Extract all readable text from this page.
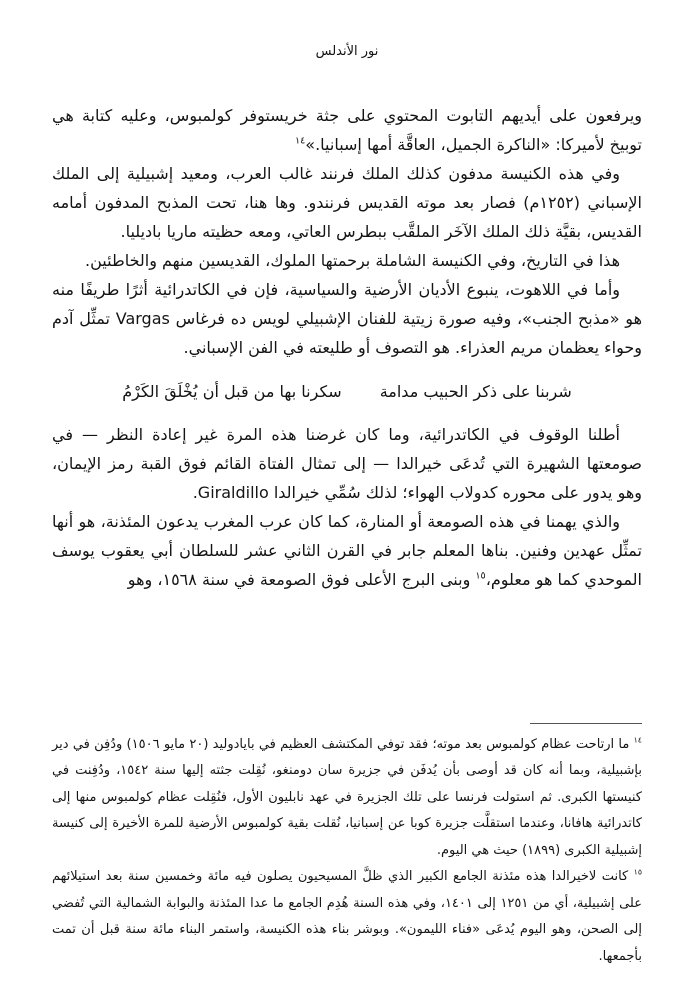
نور الأندلس

ويرفعون على أيديهم التابوت المحتوي على جثة خريستوفر كولمبوس، وعليه كتابة هي توبيخ لأميركا: «الناكرة الجميل، العاقَّة أمها إسبانيا.»$^{١٤}$

وفي هذه الكنيسة مدفون كذلك الملك فرنند غالب العرب، ومعيد إشبيلية إلى الملك الإسباني (١٢٥٢م) فصار بعد موته القديس فرنندو. وها هنا، تحت المذبح المدفون أمامه القديس، بقيَّة ذلك الملك الآخَر الملقَّب ببطرس العاتي، ومعه حظيته ماريا باديليا.

هذا في التاريخ، وفي الكنيسة الشاملة برحمتها الملوك، القديسين منهم والخاطئين.

وأما في اللاهوت، ينبوع الأديان الأرضية والسياسية، فإن في الكاتدرائية أثرًا طريفًا منه هو «مذبح الجنب»، وفيه صورة زيتية للفنان الإشبيلي لويس ده فرغاس Vargas تمثِّل آدم وحواء يعظمان مريم العذراء. هو التصوف أو طليعته في الفن الإسباني.

شربنا على ذكر الحبيب مدامة
سكرنا بها من قبل أن يُخْلَقَ الكَرْمُ

أطلنا الوقوف في الكاتدرائية، وما كان غرضنا هذه المرة غير إعادة النظر — في صومعتها الشهيرة التي تُدعَى خيرالدا — إلى تمثال الفتاة القائم فوق القبة رمز الإيمان، وهو يدور على محوره كدولاب الهواء؛ لذلك سُمِّي خيرالدا Giraldillo.

والذي يهمنا في هذه الصومعة أو المنارة، كما كان عرب المغرب يدعون المئذنة، هو أنها تمثِّل عهدين وفنين. بناها المعلم جابر في القرن الثاني عشر للسلطان أبي يعقوب يوسف الموحدي كما هو معلوم،$^{١٥}$ وبنى البرج الأعلى فوق الصومعة في سنة ١٥٦٨، وهو

$^{١٤}$ ما ارتاحت عظام كولمبوس بعد موته؛ فقد توفي المكتشف العظيم في بايادوليد (٢٠ مايو ١٥٠٦) ودُفِن في دير بإشبيلية، وبما أنه كان قد أوصى بأن يُدفَن في جزيرة سان دومنغو، نُقِلت جثته إليها سنة ١٥٤٢، ودُفِنت في كنيستها الكبرى. ثم استولت فرنسا على تلك الجزيرة في عهد نابليون الأول، فنُقِلت عظام كولمبوس منها إلى كاتدرائية هافانا، وعندما استقلَّت جزيرة كوبا عن إسبانيا، نُقلت بقية كولمبوس الأرضية للمرة الأخيرة إلى كنيسة إشبيلية الكبرى (١٨٩٩) حيث هي اليوم.

$^{١٥}$ كانت لاخيرالدا هذه مئذنة الجامع الكبير الذي ظلَّ المسيحيون يصلون فيه مائة وخمسين سنة بعد استيلائهم على إشبيلية، أي من ١٢٥١ إلى ١٤٠١، وفي هذه السنة هُدِم الجامع ما عدا المئذنة والبوابة الشمالية التي تُفضي إلى الصحن، وهو اليوم يُدعَى «فناء الليمون». وبوشر بناء هذه الكنيسة، واستمر البناء مائة سنة قبل أن تمت بأجمعها.
